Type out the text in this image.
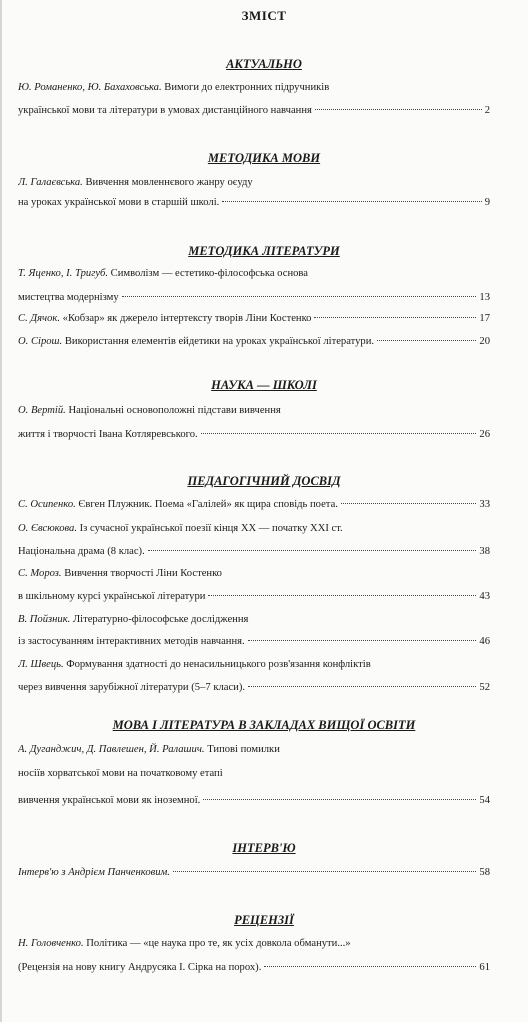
ЗМІСТ
АКТУАЛЬНО
Ю. Романенко, Ю. Бахаховська. Вимоги до електронних підручників
української мови та літератури в умовах дистанційного навчання	2
МЕТОДИКА МОВИ
Л. Галаєвська. Вивчення мовленнєвого жанру оєуду
на уроках української мови в старшій школі.	9
МЕТОДИКА ЛІТЕРАТУРИ
Т. Яценко, І. Тригуб. Символізм — естетико-філософська основа
мистецтва модернізму	13
С. Дячок. «Кобзар» як джерело інтертексту творів Ліни Костенко	17
О. Сірош. Використання елементів ейдетики на уроках української літератури.	20
НАУКА — ШКОЛІ
О. Вертій. Національні основоположні підстави вивчення
життя і творчості Івана Котляревського.	26
ПЕДАГОГІЧНИЙ ДОСВІД
С. Осипенко. Євген Плужник. Поема «Галілей» як щира сповідь поета.	33
О. Євсюкова. Із сучасної української поезії кінця ХХ — початку ХХІ ст.
Національна драма (8 клас).	38
С. Мороз. Вивчення творчості Ліни Костенко
в шкільному курсі української літератури	43
В. Пойзник. Літературно-філософське дослідження
із застосуванням інтерактивних методів навчання.	46
Л. Швець. Формування здатності до ненасильницького розв'язання конфліктів
через вивчення зарубіжної літератури (5–7 класи).	52
МОВА І ЛІТЕРАТУРА В ЗАКЛАДАХ ВИЩОЇ ОСВІТИ
А. Дуганджич, Д. Павлешен, Й. Ралашич. Типові помилки
носіїв хорватської мови на початковому етапі
вивчення української мови як іноземної.	54
ІНТЕРВ'Ю
Інтерв'ю з Андрієм Панченковим.	58
РЕЦЕНЗІЇ
Н. Головченко. Політика — «це наука про те, як усіх довкола обманути...»
(Рецензія на нову книгу Андрусяка І. Сірка на порох).	61
